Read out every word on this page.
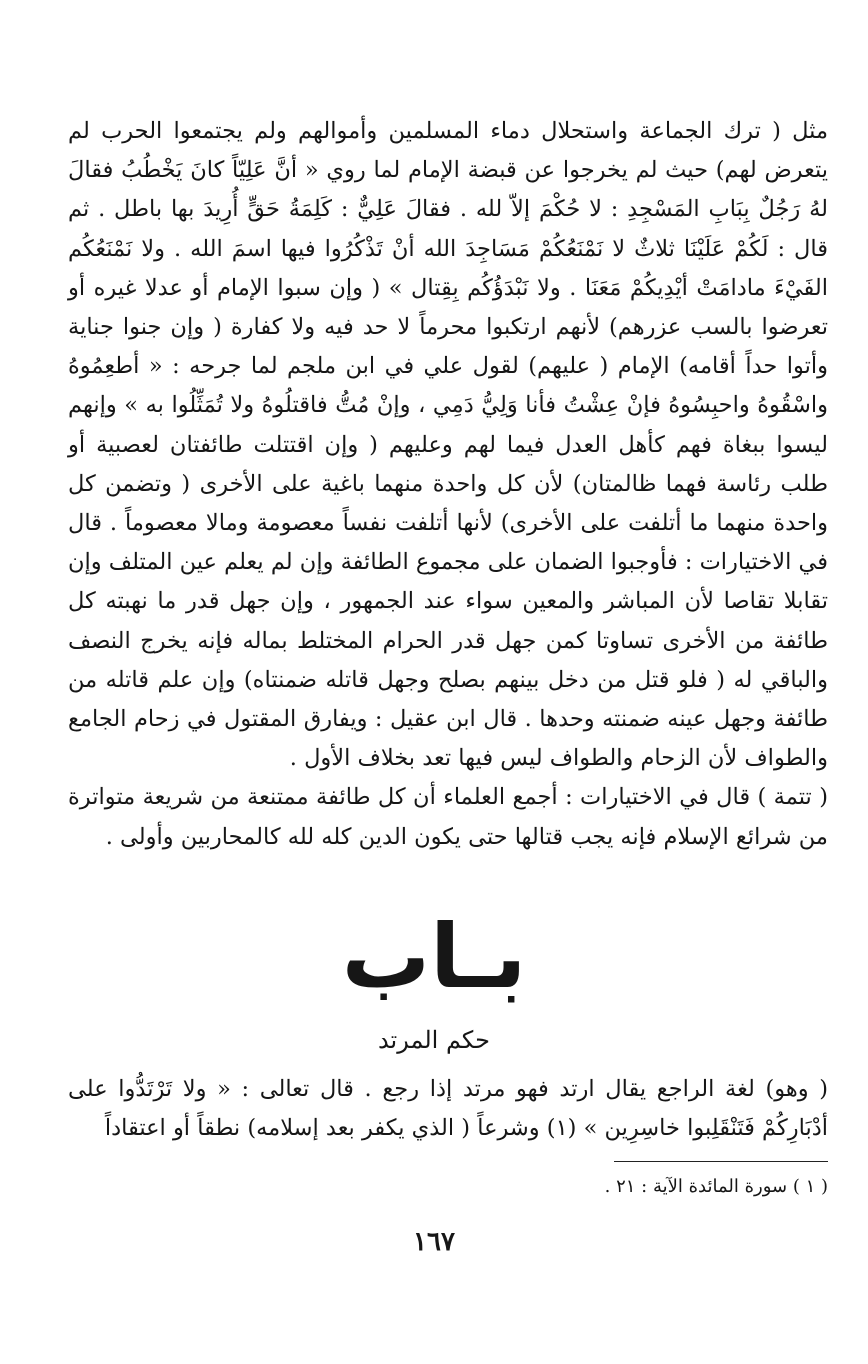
مثل ( ترك الجماعة واستحلال دماء المسلمين وأموالهم ولم يجتمعوا الحرب لم يتعرض لهم) حيث لم يخرجوا عن قبضة الإمام لما روي « أنَّ عَلِيّاً كانَ يَخْطُبُ فقالَ لهُ رَجُلٌ بِبَابِ المَسْجِدِ : لا حُكْمَ إلاّ لله . فقالَ عَلِيٌّ : كَلِمَةُ حَقٍّ أُرِيدَ بها باطل . ثم قال : لَكُمْ عَلَيْنَا ثلاثٌ لا نَمْنَعُكُمْ مَسَاجِدَ الله أنْ تَذْكُرُوا فيها اسمَ الله . ولا نَمْنَعُكُم الفَيْءَ مادامَتْ أيْدِيكُمْ مَعَنَا . ولا نَبْدَؤُكُم بِقِتال » ( وإن سبوا الإمام أو عدلا غيره أو تعرضوا بالسب عزرهم) لأنهم ارتكبوا محرماً لا حد فيه ولا كفارة ( وإن جنوا جناية وأتوا حداً أقامه) الإمام ( عليهم) لقول علي في ابن ملجم لما جرحه : « أطعِمُوهُ واسْقُوهُ واحبِسُوهُ فإنْ عِشْتُ فأنا وَلِيُّ دَمِي ، وإنْ مُتُّ فاقتلُوهُ ولا تُمَثِّلُوا به » وإنهم ليسوا ببغاة فهم كأهل العدل فيما لهم وعليهم ( وإن اقتتلت طائفتان لعصبية أو طلب رئاسة فهما ظالمتان) لأن كل واحدة منهما باغية على الأخرى ( وتضمن كل واحدة منهما ما أتلفت على الأخرى) لأنها أتلفت نفساً معصومة ومالا معصوماً . قال في الاختيارات : فأوجبوا الضمان على مجموع الطائفة وإن لم يعلم عين المتلف وإن تقابلا تقاصا لأن المباشر والمعين سواء عند الجمهور ، وإن جهل قدر ما نهبته كل طائفة من الأخرى تساوتا كمن جهل قدر الحرام المختلط بماله فإنه يخرج النصف والباقي له ( فلو قتل من دخل بينهم بصلح وجهل قاتله ضمنتاه) وإن علم قاتله من طائفة وجهل عينه ضمنته وحدها . قال ابن عقيل : ويفارق المقتول في زحام الجامع والطواف لأن الزحام والطواف ليس فيها تعد بخلاف الأول .

( تتمة ) قال في الاختيارات : أجمع العلماء أن كل طائفة ممتنعة من شريعة متواترة من شرائع الإسلام فإنه يجب قتالها حتى يكون الدين كله لله كالمحاربين وأولى .

بـاب
حكم المرتد

( وهو) لغة الراجع يقال ارتد فهو مرتد إذا رجع . قال تعالى : « ولا تَرْتَدُّوا على أدْبَارِكُمْ فَتَنْقَلِبوا خاسِرِين » (١) وشرعاً ( الذي يكفر بعد إسلامه) نطقاً أو اعتقاداً

( ١ ) سورة المائدة الآية : ٢١ .
١٦٧
